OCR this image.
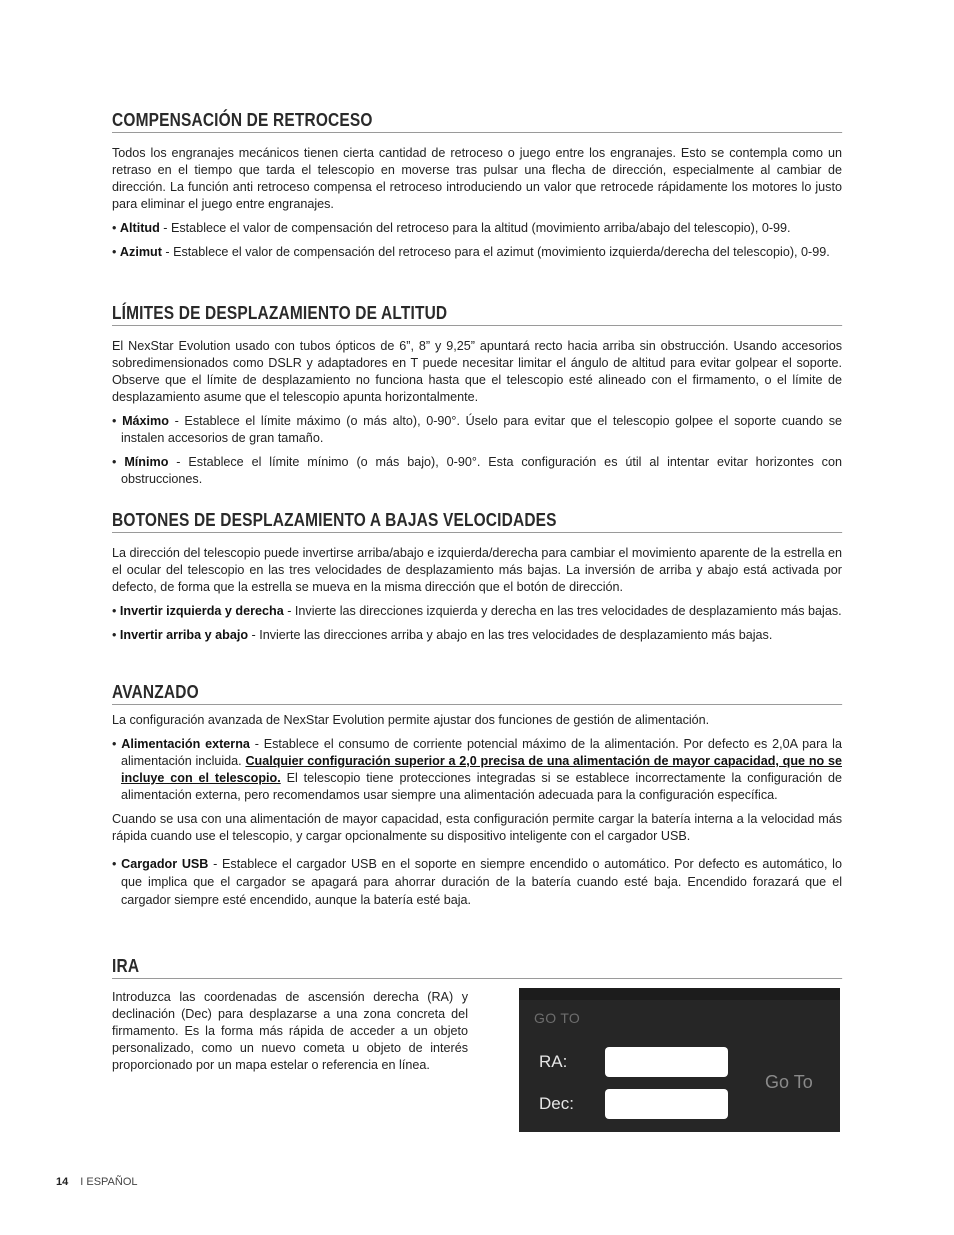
COMPENSACIÓN DE RETROCESO

Todos los engranajes mecánicos tienen cierta cantidad de retroceso o juego entre los engranajes. Esto se contempla como un retraso en el tiempo que tarda el telescopio en moverse tras pulsar una flecha de dirección, especialmente al cambiar de dirección. La función anti retroceso compensa el retroceso introduciendo un valor que retrocede rápidamente los motores lo justo para eliminar el juego entre engranajes.

• Altitud - Establece el valor de compensación del retroceso para la altitud (movimiento arriba/abajo del telescopio), 0-99.

• Azimut - Establece el valor de compensación del retroceso para el azimut (movimiento izquierda/derecha del telescopio), 0-99.

LÍMITES DE DESPLAZAMIENTO DE ALTITUD

El NexStar Evolution usado con tubos ópticos de 6”, 8” y 9,25” apuntará recto hacia arriba sin obstrucción. Usando accesorios sobredimensionados como DSLR y adaptadores en T puede necesitar limitar el ángulo de altitud para evitar golpear el soporte. Observe que el límite de desplazamiento no funciona hasta que el telescopio esté alineado con el firmamento, o el límite de desplazamiento asume que el telescopio apunta horizontalmente.

• Máximo - Establece el límite máximo (o más alto), 0-90°. Úselo para evitar que el telescopio golpee el soporte cuando se instalen accesorios de gran tamaño.

• Mínimo - Establece el límite mínimo (o más bajo), 0-90°. Esta configuración es útil al intentar evitar horizontes con obstrucciones.

BOTONES DE DESPLAZAMIENTO A BAJAS VELOCIDADES

La dirección del telescopio puede invertirse arriba/abajo e izquierda/derecha para cambiar el movimiento aparente de la estrella en el ocular del telescopio en las tres velocidades de desplazamiento más bajas. La inversión de arriba y abajo está activada por defecto, de forma que la estrella se mueva en la misma dirección que el botón de dirección.

• Invertir izquierda y derecha - Invierte las direcciones izquierda y derecha en las tres velocidades de desplazamiento más bajas.

• Invertir arriba y abajo - Invierte las direcciones arriba y abajo en las tres velocidades de desplazamiento más bajas.

AVANZADO

La configuración avanzada de NexStar Evolution permite ajustar dos funciones de gestión de alimentación.

• Alimentación externa - Establece el consumo de corriente potencial máximo de la alimentación. Por defecto es 2,0A para la alimentación incluida. Cualquier configuración superior a 2,0 precisa de una alimentación de mayor capacidad, que no se incluye con el telescopio. El telescopio tiene protecciones integradas si se establece incorrectamente la configuración de alimentación externa, pero recomendamos usar siempre una alimentación adecuada para la configuración específica.

Cuando se usa con una alimentación de mayor capacidad, esta configuración permite cargar la batería interna a la velocidad más rápida cuando use el telescopio, y cargar opcionalmente su dispositivo inteligente con el cargador USB.

• Cargador USB - Establece el cargador USB en el soporte en siempre encendido o automático. Por defecto es automático, lo que implica que el cargador se apagará para ahorrar duración de la batería cuando esté baja. Encendido forazará que el cargador siempre esté encendido, aunque la batería esté baja.

IRA

Introduzca las coordenadas de ascensión derecha (RA) y declinación (Dec) para desplazarse a una zona concreta del firmamento. Es la forma más rápida de acceder a un objeto personalizado, como un nuevo cometa u objeto de interés proporcionado por un mapa estelar o referencia en línea.

GO TO
RA:
Dec:
Go To
14 I ESPAÑOL
